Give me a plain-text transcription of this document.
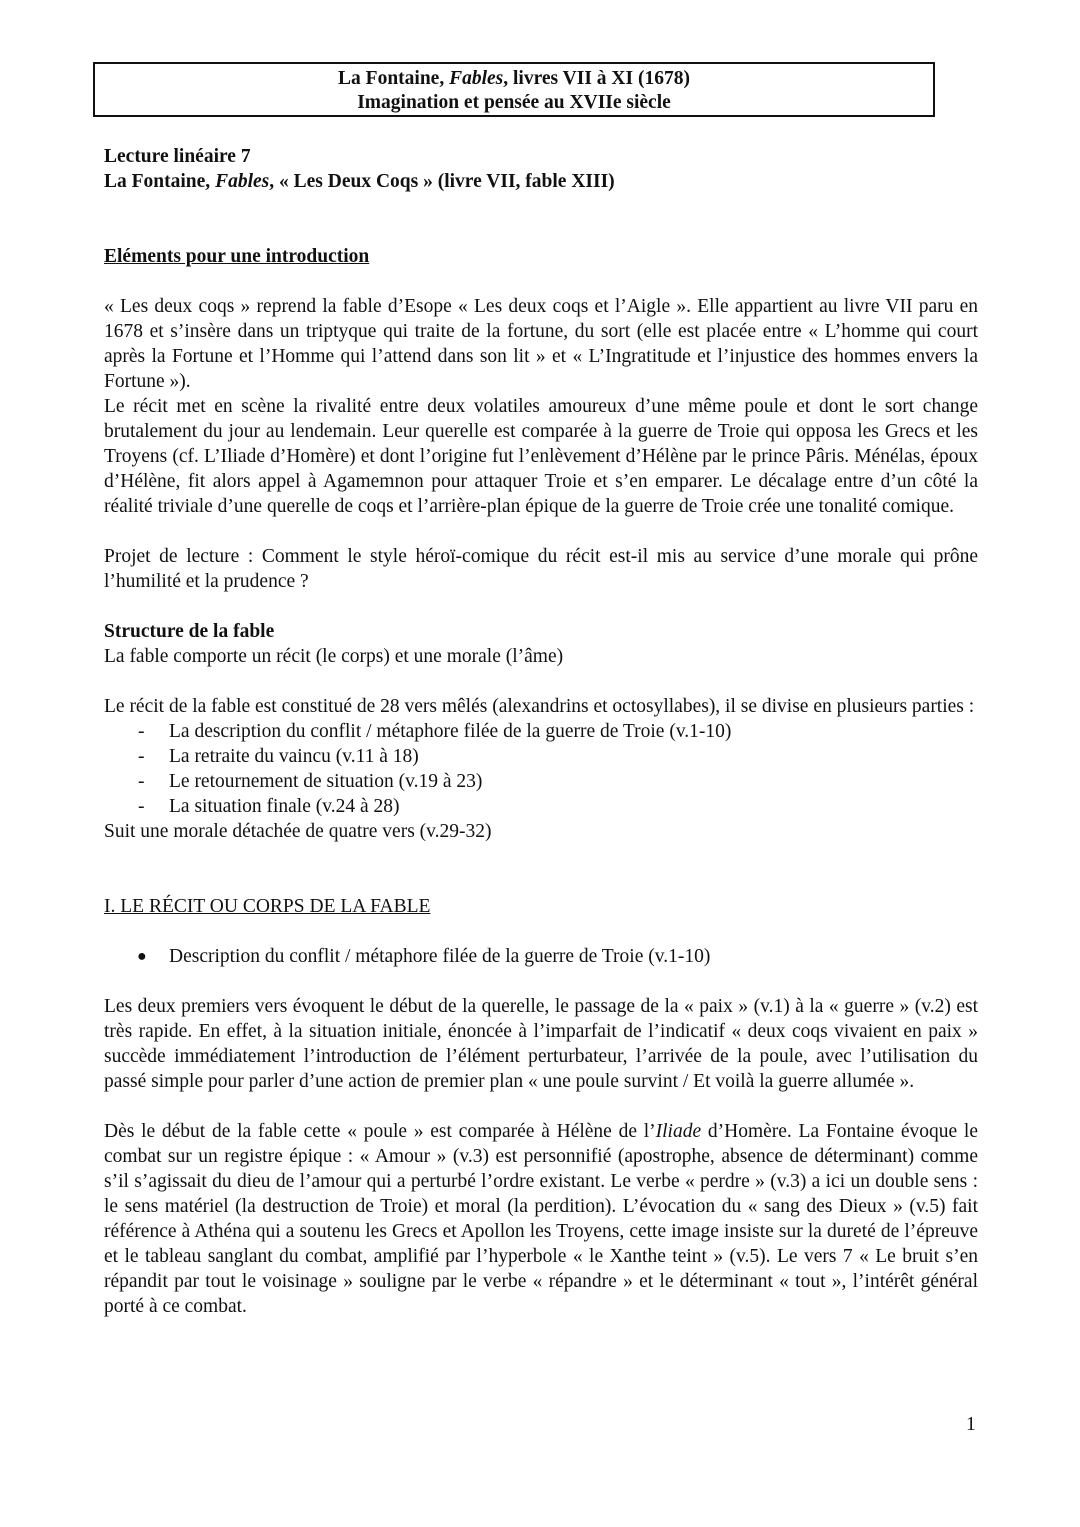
La Fontaine, Fables, livres VII à XI (1678)
Imagination et pensée au XVIIe siècle

Lecture linéaire 7

La Fontaine, Fables, « Les Deux Coqs » (livre VII, fable XIII)

Eléments pour une introduction

« Les deux coqs » reprend la fable d’Esope « Les deux coqs et l’Aigle ». Elle appartient au livre VII paru en 1678 et s’insère dans un triptyque qui traite de la fortune, du sort (elle est placée entre « L’homme qui court après la Fortune et l’Homme qui l’attend dans son lit » et « L’Ingratitude et l’injustice des hommes envers la Fortune »).

Le récit met en scène la rivalité entre deux volatiles amoureux d’une même poule et dont le sort change brutalement du jour au lendemain. Leur querelle est comparée à la guerre de Troie qui opposa les Grecs et les Troyens (cf. L’Iliade d’Homère) et dont l’origine fut l’enlèvement d’Hélène par le prince Pâris. Ménélas, époux d’Hélène, fit alors appel à Agamemnon pour attaquer Troie et s’en emparer. Le décalage entre d’un côté la réalité triviale d’une querelle de coqs et l’arrière-plan épique de la guerre de Troie crée une tonalité comique.

Projet de lecture : Comment le style héroï-comique du récit est-il mis au service d’une morale qui prône l’humilité et la prudence ?

Structure de la fable

La fable comporte un récit (le corps) et une morale (l’âme)

Le récit de la fable est constitué de 28 vers mêlés (alexandrins et octosyllabes), il se divise en plusieurs parties :

- La description du conflit / métaphore filée de la guerre de Troie (v.1-10)
- La retraite du vaincu (v.11 à 18)
- Le retournement de situation (v.19 à 23)
- La situation finale (v.24 à 28)

Suit une morale détachée de quatre vers (v.29-32)

I. LE RÉCIT OU CORPS DE LA FABLE

● Description du conflit / métaphore filée de la guerre de Troie (v.1-10)

Les deux premiers vers évoquent le début de la querelle, le passage de la « paix » (v.1) à la « guerre » (v.2) est très rapide. En effet, à la situation initiale, énoncée à l’imparfait de l’indicatif « deux coqs vivaient en paix » succède immédiatement l’introduction de l’élément perturbateur, l’arrivée de la poule, avec l’utilisation du passé simple pour parler d’une action de premier plan « une poule survint / Et voilà la guerre allumée ».

Dès le début de la fable cette « poule » est comparée à Hélène de l’Iliade d’Homère. La Fontaine évoque le combat sur un registre épique : « Amour » (v.3) est personnifié (apostrophe, absence de déterminant) comme s’il s’agissait du dieu de l’amour qui a perturbé l’ordre existant. Le verbe « perdre » (v.3) a ici un double sens : le sens matériel (la destruction de Troie) et moral (la perdition). L’évocation du « sang des Dieux » (v.5) fait référence à Athéna qui a soutenu les Grecs et Apollon les Troyens, cette image insiste sur la dureté de l’épreuve et le tableau sanglant du combat, amplifié par l’hyperbole « le Xanthe teint » (v.5). Le vers 7 « Le bruit s’en répandit par tout le voisinage » souligne par le verbe « répandre » et le déterminant « tout », l’intérêt général porté à ce combat.

1
